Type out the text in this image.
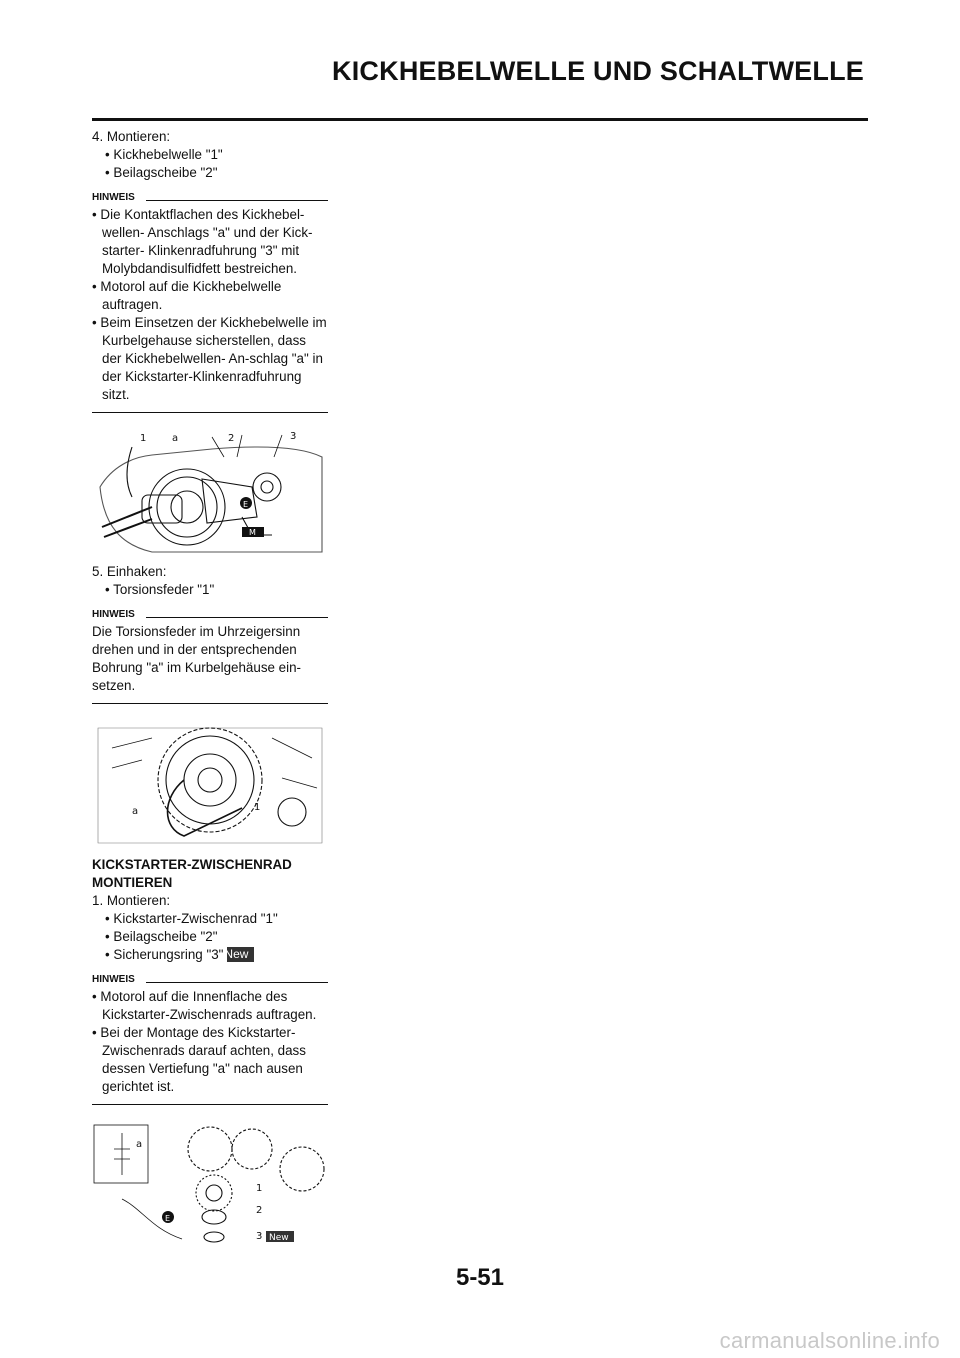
KICKHEBELWELLE UND SCHALTWELLE

4. Montieren:

• Kickhebelwelle "1"

• Beilagscheibe "2"

HINWEIS

• Die Kontaktflachen des Kickhebel-wellen- Anschlags "a" und der Kick-starter- Klinkenradfuhrung "3" mit Molybdandisulfidfett bestreichen.

• Motorol auf die Kickhebelwelle auftragen.

• Beim Einsetzen der Kickhebelwelle im Kurbelgehause sicherstellen, dass der Kickhebelwellen- An-schlag "a" in der Kickstarter-Klinkenradfuhrung sitzt.

1	a	2	3
E
M

5. Einhaken:

• Torsionsfeder "1"

HINWEIS

Die Torsionsfeder im Uhrzeigersinn drehen und in der entsprechenden Bohrung "a" im Kurbelgehäuse ein-setzen.

a	1
KICKSTARTER-ZWISCHENRAD
MONTIEREN

1. Montieren:

• Kickstarter-Zwischenrad "1"

• Beilagscheibe "2"

• Sicherungsring "3"New

HINWEIS

• Motorol auf die Innenflache des Kickstarter-Zwischenrads auftragen.

• Bei der Montage des Kickstarter-Zwischenrads darauf achten, dass dessen Vertiefung "a" nach ausen gerichtet ist.

a
1
2
3
E
New
5-51
carmanualsonline.info
